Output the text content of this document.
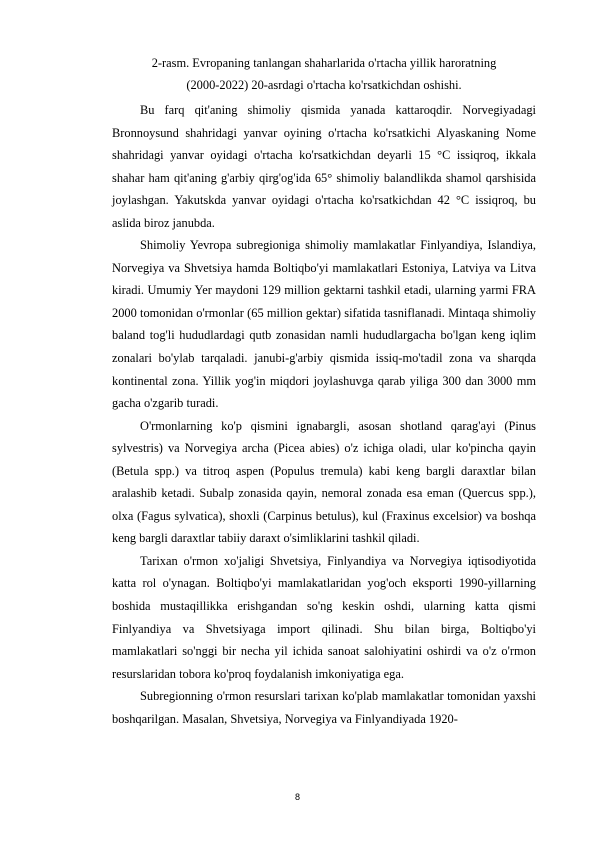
2-rasm. Evropaning tanlangan shaharlarida o'rtacha yillik haroratning
(2000-2022) 20-asrdagi o'rtacha ko'rsatkichdan oshishi.

Bu farq qit'aning shimoliy qismida yanada kattaroqdir. Norvegiyadagi Bronnoysund shahridagi yanvar oyining o'rtacha ko'rsatkichi Alyaskaning Nome shahridagi yanvar oyidagi o'rtacha ko'rsatkichdan deyarli 15 °C issiqroq, ikkala shahar ham qit'aning g'arbiy qirg'og'ida 65° shimoliy balandlikda shamol qarshisida joylashgan. Yakutskda yanvar oyidagi o'rtacha ko'rsatkichdan 42 °C issiqroq, bu aslida biroz janubda.

Shimoliy Yevropa subregioniga shimoliy mamlakatlar Finlyandiya, Islandiya, Norvegiya va Shvetsiya hamda Boltiqbo'yi mamlakatlari Estoniya, Latviya va Litva kiradi. Umumiy Yer maydoni 129 million gektarni tashkil etadi, ularning yarmi FRA 2000 tomonidan o'rmonlar (65 million gektar) sifatida tasniflanadi. Mintaqa shimoliy baland tog'li hududlardagi qutb zonasidan namli hududlargacha bo'lgan keng iqlim zonalari bo'ylab tarqaladi. janubi-g'arbiy qismida issiq-mo'tadil zona va sharqda kontinental zona. Yillik yog'in miqdori joylashuvga qarab yiliga 300 dan 3000 mm gacha o'zgarib turadi.

O'rmonlarning ko'p qismini ignabargli, asosan shotland qarag'ayi (Pinus sylvestris) va Norvegiya archa (Picea abies) o'z ichiga oladi, ular ko'pincha qayin (Betula spp.) va titroq aspen (Populus tremula) kabi keng bargli daraxtlar bilan aralashib ketadi. Subalp zonasida qayin, nemoral zonada esa eman (Quercus spp.), olxa (Fagus sylvatica), shoxli (Carpinus betulus), kul (Fraxinus excelsior) va boshqa keng bargli daraxtlar tabiiy daraxt o'simliklarini tashkil qiladi.

Tarixan o'rmon xo'jaligi Shvetsiya, Finlyandiya va Norvegiya iqtisodiyotida katta rol o'ynagan. Boltiqbo'yi mamlakatlaridan yog'och eksporti 1990-yillarning boshida mustaqillikka erishgandan so'ng keskin oshdi, ularning katta qismi Finlyandiya va Shvetsiyaga import qilinadi. Shu bilan birga, Boltiqbo'yi mamlakatlari so'nggi bir necha yil ichida sanoat salohiyatini oshirdi va o'z o'rmon resurslaridan tobora ko'proq foydalanish imkoniyatiga ega.

Subregionning o'rmon resurslari tarixan ko'plab mamlakatlar tomonidan yaxshi boshqarilgan. Masalan, Shvetsiya, Norvegiya va Finlyandiyada 1920-

8
